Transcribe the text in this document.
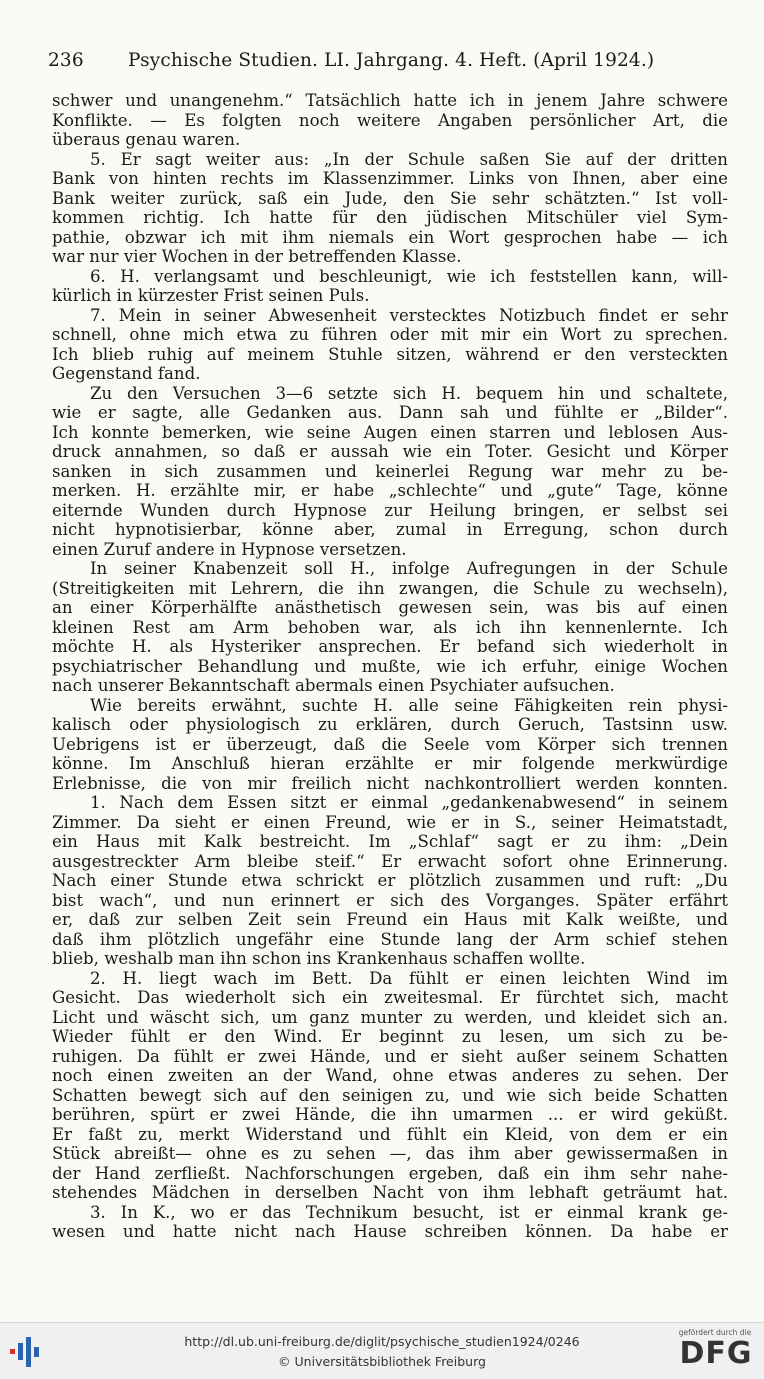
236 Psychische Studien. LI. Jahrgang. 4. Heft. (April 1924.)
schwer und unangenehm.“ Tatsächlich hatte ich in jenem Jahre schwere
Konflikte. — Es folgten noch weitere Angaben persönlicher Art, die
überaus genau waren.
5. Er sagt weiter aus: „In der Schule saßen Sie auf der dritten
Bank von hinten rechts im Klassenzimmer. Links von Ihnen, aber eine
Bank weiter zurück, saß ein Jude, den Sie sehr schätzten.“ Ist voll-
kommen richtig. Ich hatte für den jüdischen Mitschüler viel Sym-
pathie, obzwar ich mit ihm niemals ein Wort gesprochen habe — ich
war nur vier Wochen in der betreffenden Klasse.
6. H. verlangsamt und beschleunigt, wie ich feststellen kann, will-
kürlich in kürzester Frist seinen Puls.
7. Mein in seiner Abwesenheit verstecktes Notizbuch findet er sehr
schnell, ohne mich etwa zu führen oder mit mir ein Wort zu sprechen.
Ich blieb ruhig auf meinem Stuhle sitzen, während er den versteckten
Gegenstand fand.
Zu den Versuchen 3—6 setzte sich H. bequem hin und schaltete,
wie er sagte, alle Gedanken aus. Dann sah und fühlte er „Bilder“.
Ich konnte bemerken, wie seine Augen einen starren und leblosen Aus-
druck annahmen, so daß er aussah wie ein Toter. Gesicht und Körper
sanken in sich zusammen und keinerlei Regung war mehr zu be-
merken. H. erzählte mir, er habe „schlechte“ und „gute“ Tage, könne
eiternde Wunden durch Hypnose zur Heilung bringen, er selbst sei
nicht hypnotisierbar, könne aber, zumal in Erregung, schon durch
einen Zuruf andere in Hypnose versetzen.
In seiner Knabenzeit soll H., infolge Aufregungen in der Schule
(Streitigkeiten mit Lehrern, die ihn zwangen, die Schule zu wechseln),
an einer Körperhälfte anästhetisch gewesen sein, was bis auf einen
kleinen Rest am Arm behoben war, als ich ihn kennenlernte. Ich
möchte H. als Hysteriker ansprechen. Er befand sich wiederholt in
psychiatrischer Behandlung und mußte, wie ich erfuhr, einige Wochen
nach unserer Bekanntschaft abermals einen Psychiater aufsuchen.
Wie bereits erwähnt, suchte H. alle seine Fähigkeiten rein physi-
kalisch oder physiologisch zu erklären, durch Geruch, Tastsinn usw.
Uebrigens ist er überzeugt, daß die Seele vom Körper sich trennen
könne. Im Anschluß hieran erzählte er mir folgende merkwürdige
Erlebnisse, die von mir freilich nicht nachkontrolliert werden konnten.
1. Nach dem Essen sitzt er einmal „gedankenabwesend“ in seinem
Zimmer. Da sieht er einen Freund, wie er in S., seiner Heimatstadt,
ein Haus mit Kalk bestreicht. Im „Schlaf“ sagt er zu ihm: „Dein
ausgestreckter Arm bleibe steif.“ Er erwacht sofort ohne Erinnerung.
Nach einer Stunde etwa schrickt er plötzlich zusammen und ruft: „Du
bist wach“, und nun erinnert er sich des Vorganges. Später erfährt
er, daß zur selben Zeit sein Freund ein Haus mit Kalk weißte, und
daß ihm plötzlich ungefähr eine Stunde lang der Arm schief stehen
blieb, weshalb man ihn schon ins Krankenhaus schaffen wollte.
2. H. liegt wach im Bett. Da fühlt er einen leichten Wind im
Gesicht. Das wiederholt sich ein zweitesmal. Er fürchtet sich, macht
Licht und wäscht sich, um ganz munter zu werden, und kleidet sich an.
Wieder fühlt er den Wind. Er beginnt zu lesen, um sich zu be-
ruhigen. Da fühlt er zwei Hände, und er sieht außer seinem Schatten
noch einen zweiten an der Wand, ohne etwas anderes zu sehen. Der
Schatten bewegt sich auf den seinigen zu, und wie sich beide Schatten
berühren, spürt er zwei Hände, die ihn umarmen ... er wird geküßt.
Er faßt zu, merkt Widerstand und fühlt ein Kleid, von dem er ein
Stück abreißt— ohne es zu sehen —, das ihm aber gewissermaßen in
der Hand zerfließt. Nachforschungen ergeben, daß ein ihm sehr nahe-
stehendes Mädchen in derselben Nacht von ihm lebhaft geträumt hat.
3. In K., wo er das Technikum besucht, ist er einmal krank ge-
wesen und hatte nicht nach Hause schreiben können. Da habe er
http://dl.ub.uni-freiburg.de/diglit/psychische_studien1924/0246
© Universitätsbibliothek Freiburg
gefördert durch die
DFG
